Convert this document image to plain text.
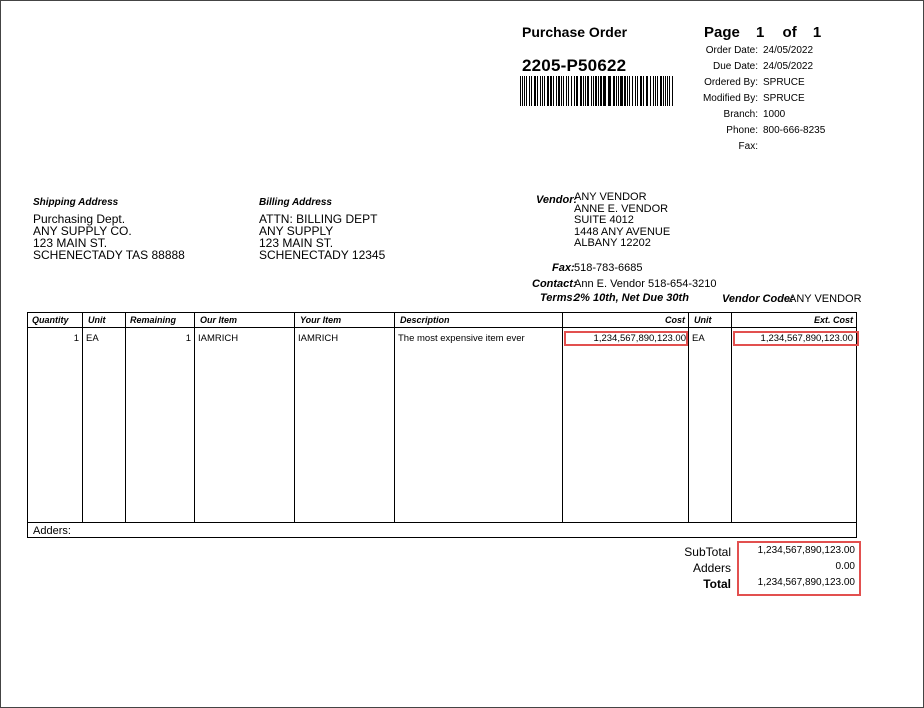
Purchase Order
2205-P50622
Page 1 of 1
Order Date: 24/05/2022
Due Date: 24/05/2022
Ordered By: SPRUCE
Modified By: SPRUCE
Branch: 1000
Phone: 800-666-8235
Fax:
Shipping Address
Purchasing Dept.
ANY SUPPLY CO.
123 MAIN ST.
SCHENECTADY TAS 88888
Billing Address
ATTN: BILLING DEPT
ANY SUPPLY
123 MAIN ST.
SCHENECTADY 12345
Vendor:
ANY VENDOR
ANNE E. VENDOR
SUITE 4012
1448 ANY AVENUE
ALBANY 12202
Fax: 518-783-6685
Contact:
Ann E. Vendor 518-654-3210
Terms:
2% 10th, Net Due 30th	Vendor Code:
ANY VENDOR
Quantity Unit	Remaining	Our Item	Your Item	Description	Cost Unit	Ext. Cost
1 EA	1 IAMRICH	IAMRICH	The most expensive item ever	1,234,567,890,123.00 EA	1,234,567,890,123.00
Adders:
SubTotal	1,234,567,890,123.00
Adders	0.00
Total	1,234,567,890,123.00
